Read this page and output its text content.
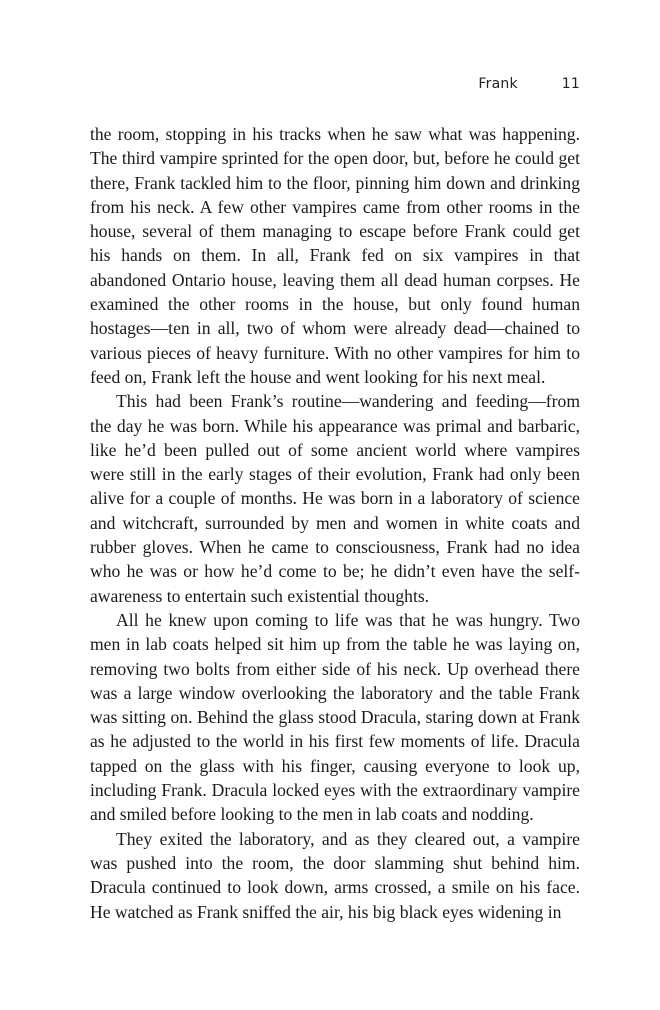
Frank	11

the room, stopping in his tracks when he saw what was happening. The third vampire sprinted for the open door, but, before he could get there, Frank tackled him to the floor, pinning him down and drinking from his neck. A few other vampires came from other rooms in the house, several of them managing to escape before Frank could get his hands on them. In all, Frank fed on six vampires in that abandoned Ontario house, leaving them all dead human corpses. He examined the other rooms in the house, but only found human hostages—ten in all, two of whom were already dead—chained to various pieces of heavy furniture. With no other vampires for him to feed on, Frank left the house and went looking for his next meal.

This had been Frank’s routine—wandering and feeding—from the day he was born. While his appearance was primal and barbaric, like he’d been pulled out of some ancient world where vampires were still in the early stages of their evolution, Frank had only been alive for a couple of months. He was born in a laboratory of science and witchcraft, surrounded by men and women in white coats and rubber gloves. When he came to consciousness, Frank had no idea who he was or how he’d come to be; he didn’t even have the self-awareness to entertain such existential thoughts.

All he knew upon coming to life was that he was hungry. Two men in lab coats helped sit him up from the table he was laying on, removing two bolts from either side of his neck. Up overhead there was a large window overlooking the laboratory and the table Frank was sitting on. Behind the glass stood Dracula, staring down at Frank as he adjusted to the world in his first few moments of life. Dracula tapped on the glass with his finger, causing everyone to look up, including Frank. Dracula locked eyes with the extraordinary vampire and smiled before looking to the men in lab coats and nodding.

They exited the laboratory, and as they cleared out, a vampire was pushed into the room, the door slamming shut behind him. Dracula continued to look down, arms crossed, a smile on his face. He watched as Frank sniffed the air, his big black eyes widening in
